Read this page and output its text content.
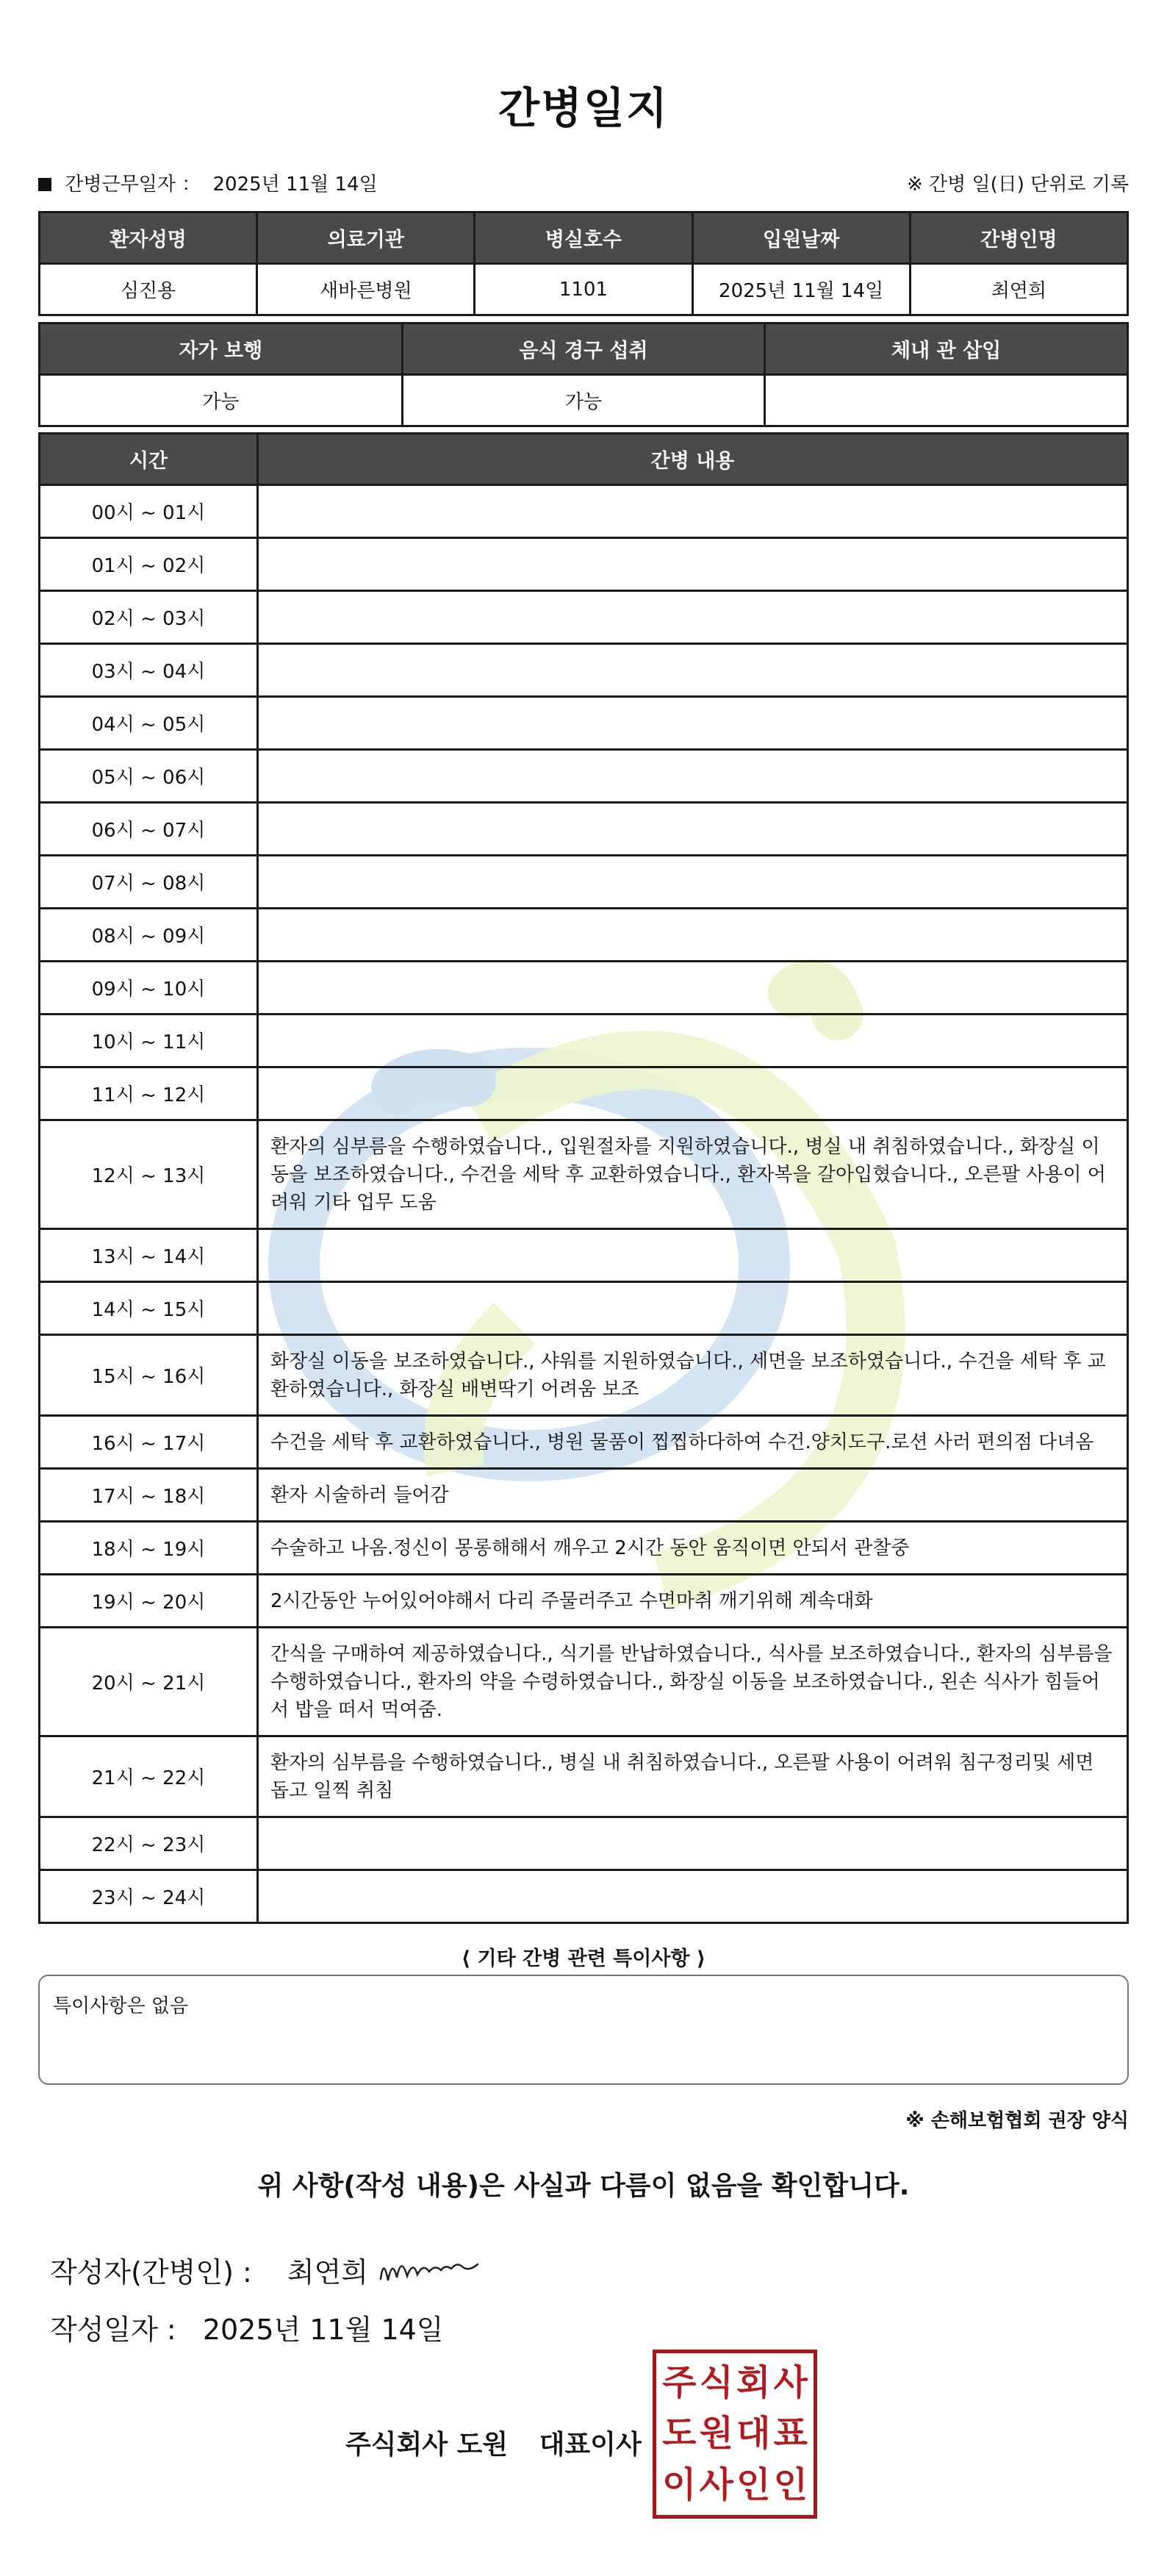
간병일지
간병근무일자 ： 2025년 11월 14일	※ 간병 일(日) 단위로 기록
환자성명	의료기관	병실호수	입원날짜	간병인명
심진용	새바른병원	1101	2025년 11월 14일	최연희
자가 보행	음식 경구 섭취	체내 관 삽입
가능	가능	
시간	간병 내용
00시 ~ 01시	
01시 ~ 02시	
02시 ~ 03시	
03시 ~ 04시	
04시 ~ 05시	
05시 ~ 06시	
06시 ~ 07시	
07시 ~ 08시	
08시 ~ 09시	
09시 ~ 10시	
10시 ~ 11시	
11시 ~ 12시	
12시 ~ 13시	환자의 심부름을 수행하였습니다., 입원절차를 지원하였습니다., 병실 내 취침하였습니다., 화장실 이동을 보조하였습니다., 수건을 세탁 후 교환하였습니다., 환자복을 갈아입혔습니다., 오른팔 사용이 어려워 기타 업무 도움
13시 ~ 14시	
14시 ~ 15시	
15시 ~ 16시	화장실 이동을 보조하였습니다., 샤워를 지원하였습니다., 세면을 보조하였습니다., 수건을 세탁 후 교환하였습니다., 화장실 배변딱기 어려움 보조
16시 ~ 17시	수건을 세탁 후 교환하였습니다., 병원 물품이 찝찝하다하여 수건.양치도구.로션 사러 편의점 다녀옴
17시 ~ 18시	환자 시술하러 들어감
18시 ~ 19시	수술하고 나옴.정신이 몽롱해해서 깨우고 2시간 동안 움직이면 안되서 관찰중
19시 ~ 20시	2시간동안 누어있어야해서 다리 주물러주고 수면마취 깨기위해 계속대화
20시 ~ 21시	간식을 구매하여 제공하였습니다., 식기를 반납하였습니다., 식사를 보조하였습니다., 환자의 심부름을 수행하였습니다., 환자의 약을 수령하였습니다., 화장실 이동을 보조하였습니다., 왼손 식사가 힘들어서 밥을 떠서 먹여줌.
21시 ~ 22시	환자의 심부름을 수행하였습니다., 병실 내 취침하였습니다., 오른팔 사용이 어려워 침구정리및 세면 돕고 일찍 취침
22시 ~ 23시	
23시 ~ 24시	
⟨ 기타 간병 관련 특이사항 ⟩
특이사항은 없음
※ 손해보험협회 권장 양식
위 사항(작성 내용)은 사실과 다름이 없음을 확인합니다.
작성자(간병인) : 최연희
작성일자 : 2025년 11월 14일
주식회사 도원 대표이사
주 식 회 사
도 원 대 표
이 사 인 인
